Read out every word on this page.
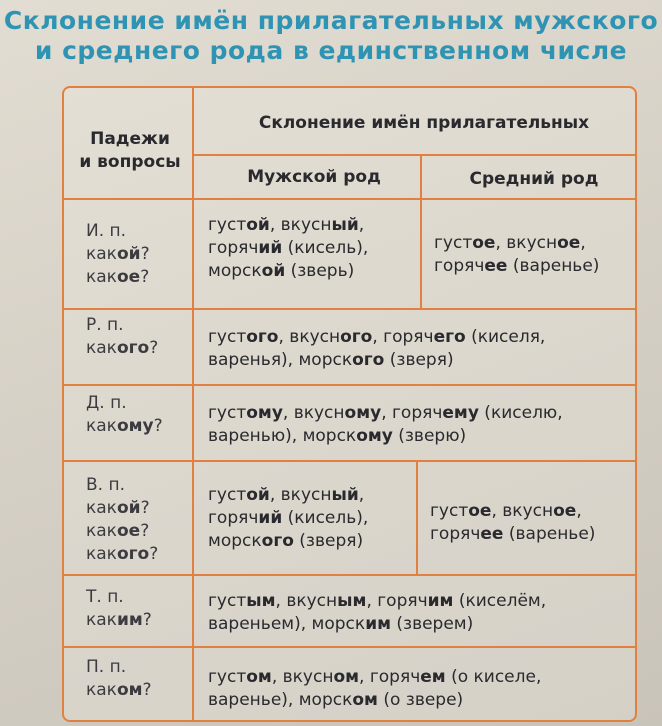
Склонение имён прилагательных мужского
и среднего рода в единственном числе
Падежи
и вопросы
Склонение имён прилагательных
Мужской род	Средний род
И. п.
какой?
какое?
густой, вкусный,
горячий (кисель),
морской (зверь)
густое, вкусное,
горячее (варенье)
Р. п.
какого?
густого, вкусного, горячего (киселя,
варенья), морского (зверя)
Д. п.
какому?
густому, вкусному, горячему (киселю,
варенью), морскому (зверю)
В. п.
какой?
какое?
какого?
густой, вкусный,
горячий (кисель),
морского (зверя)
густое, вкусное,
горячее (варенье)
Т. п.
каким?
густым, вкусным, горячим (киселём,
вареньем), морским (зверем)
П. п.
каком?
густом, вкусном, горячем (о киселе,
варенье), морском (о звере)
